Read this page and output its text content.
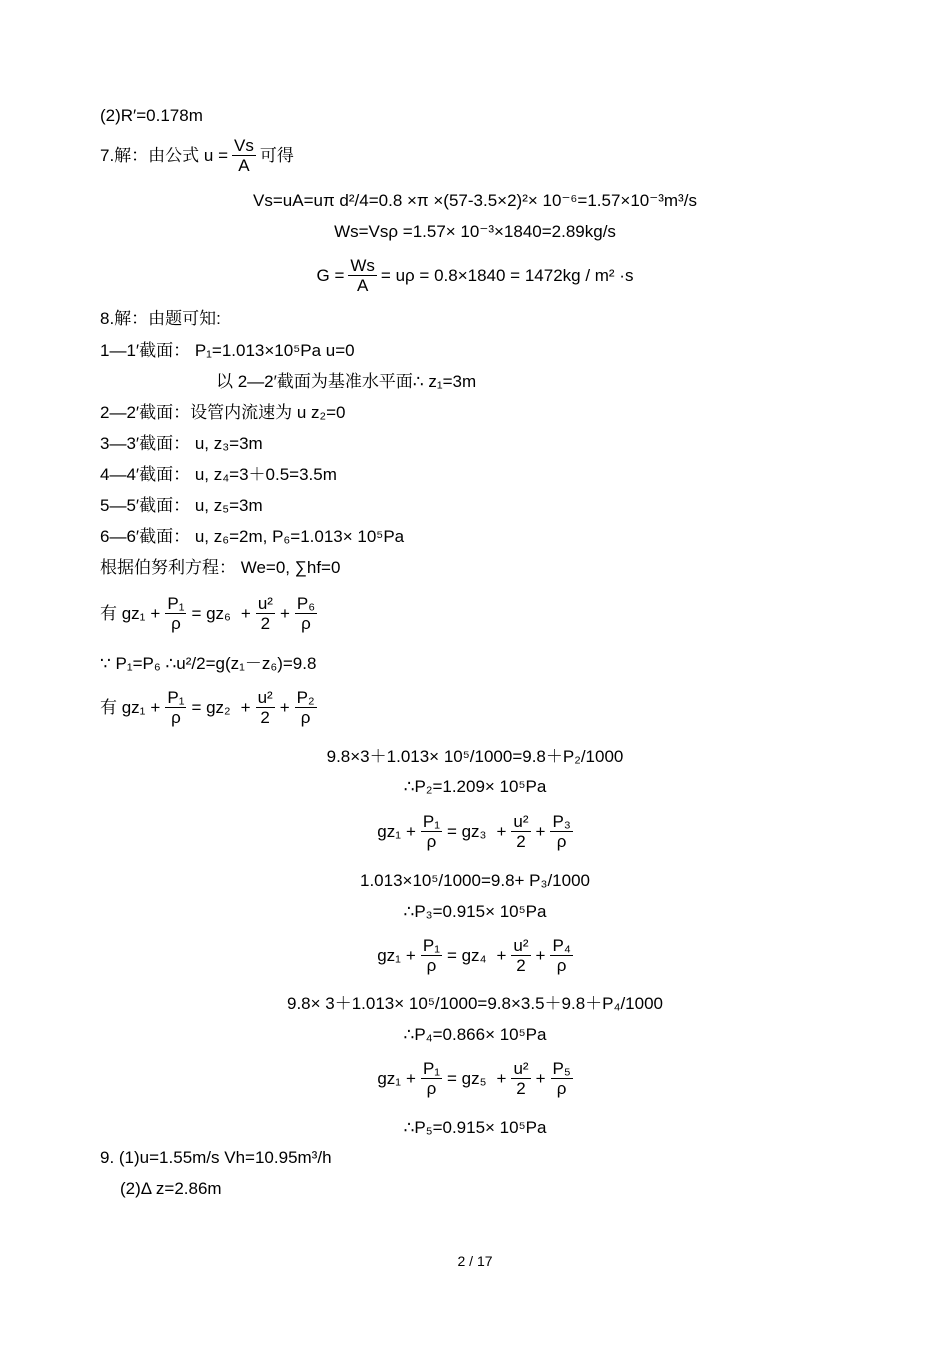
(2)R′=0.178m
7.解：由公式 $u = \frac{Vs}{A}$ 可得
Vs=uA=uπ d²/4=0.8 ×π ×(57-3.5×2)²× 10⁻⁶=1.57×10⁻³m³/s
Ws=Vsρ =1.57× 10⁻³×1840=2.89kg/s
$G = \frac{Ws}{A} = u\rho = 0.8\times 1840 = 1472kg / m^2 \cdot s$
8.解：由题可知:
1—1′截面： P₁=1.013×10⁵Pa u=0
以 2—2′截面为基准水平面∴ z₁=3m
2—2′截面：设管内流速为 u z₂=0
3—3′截面： u, z₃=3m
4—4′截面： u, z₄=3＋0.5=3.5m
5—5′截面： u, z₅=3m
6—6′截面： u, z₆=2m, P₆=1.013× 10⁵Pa
根据伯努利方程： We=0, ∑hf=0
有 $gz_1 + \frac{\text{P₁}}{\rho} = gz_6 + \frac{\text{u²}}{2} + \frac{\text{P₆}}{\rho}$
∵ P₁=P₆ ∴u²/2=g(z₁－z₆)=9.8
有 $gz_1 + \frac{\text{P₁}}{\rho} = gz_2 + \frac{\text{u²}}{2} + \frac{\text{P₂}}{\rho}$
9.8×3＋1.013× 10⁵/1000=9.8＋P₂/1000
∴P₂=1.209× 10⁵Pa
$gz_1 + \frac{\text{P₁}}{\rho} = gz_3 + \frac{\text{u²}}{2} + \frac{\text{P₃}}{\rho}$
1.013×10⁵/1000=9.8+ P₃/1000
∴P₃=0.915× 10⁵Pa
$gz_1 + \frac{\text{P₁}}{\rho} = gz_4 + \frac{\text{u²}}{2} + \frac{\text{P₄}}{\rho}$
9.8× 3＋1.013× 10⁵/1000=9.8×3.5＋9.8＋P₄/1000
∴P₄=0.866× 10⁵Pa
$gz_1 + \frac{\text{P₁}}{\rho} = gz_5 + \frac{\text{u²}}{2} + \frac{\text{P₅}}{\rho}$
∴P₅=0.915× 10⁵Pa
9. (1)u=1.55m/s Vh=10.95m³/h
(2)Δ z=2.86m
2 / 17
